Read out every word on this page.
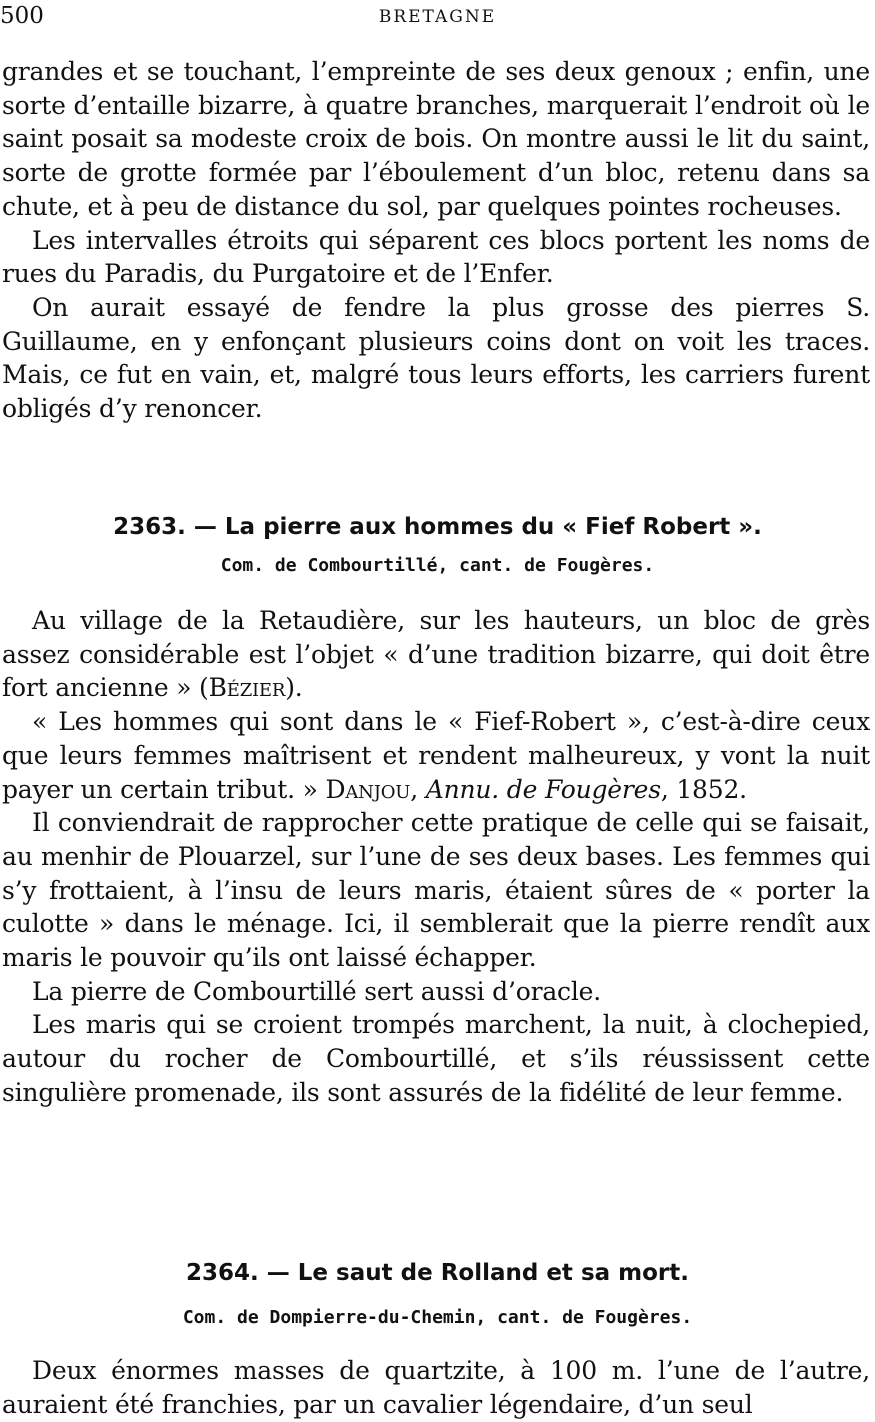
500	BRETAGNE

grandes et se touchant, l’empreinte de ses deux genoux ; enfin, une sorte d’entaille bizarre, à quatre branches, marquerait l’endroit où le saint posait sa modeste croix de bois. On montre aussi le lit du saint, sorte de grotte formée par l’éboulement d’un bloc, retenu dans sa chute, et à peu de distance du sol, par quelques pointes rocheuses.

Les intervalles étroits qui séparent ces blocs portent les noms de rues du Paradis, du Purgatoire et de l’Enfer.

On aurait essayé de fendre la plus grosse des pierres S. Guillaume, en y enfonçant plusieurs coins dont on voit les traces. Mais, ce fut en vain, et, malgré tous leurs efforts, les carriers furent obligés d’y renoncer.

2363. — La pierre aux hommes du « Fief Robert ».
Com. de Combourtillé, cant. de Fougères.

Au village de la Retaudière, sur les hauteurs, un bloc de grès assez considérable est l’objet « d’une tradition bizarre, qui doit être fort ancienne » (Bézier).

« Les hommes qui sont dans le « Fief-Robert », c’est-à-dire ceux que leurs femmes maîtrisent et rendent malheureux, y vont la nuit payer un certain tribut. » Danjou, Annu. de Fougères, 1852.

Il conviendrait de rapprocher cette pratique de celle qui se faisait, au menhir de Plouarzel, sur l’une de ses deux bases. Les femmes qui s’y frottaient, à l’insu de leurs maris, étaient sûres de « porter la culotte » dans le ménage. Ici, il semblerait que la pierre rendît aux maris le pouvoir qu’ils ont laissé échapper.

La pierre de Combourtillé sert aussi d’oracle.

Les maris qui se croient trompés marchent, la nuit, à clochepied, autour du rocher de Combourtillé, et s’ils réussissent cette singulière promenade, ils sont assurés de la fidélité de leur femme.

2364. — Le saut de Rolland et sa mort.
Com. de Dompierre-du-Chemin, cant. de Fougères.

Deux énormes masses de quartzite, à 100 m. l’une de l’autre, auraient été franchies, par un cavalier légendaire, d’un seul
